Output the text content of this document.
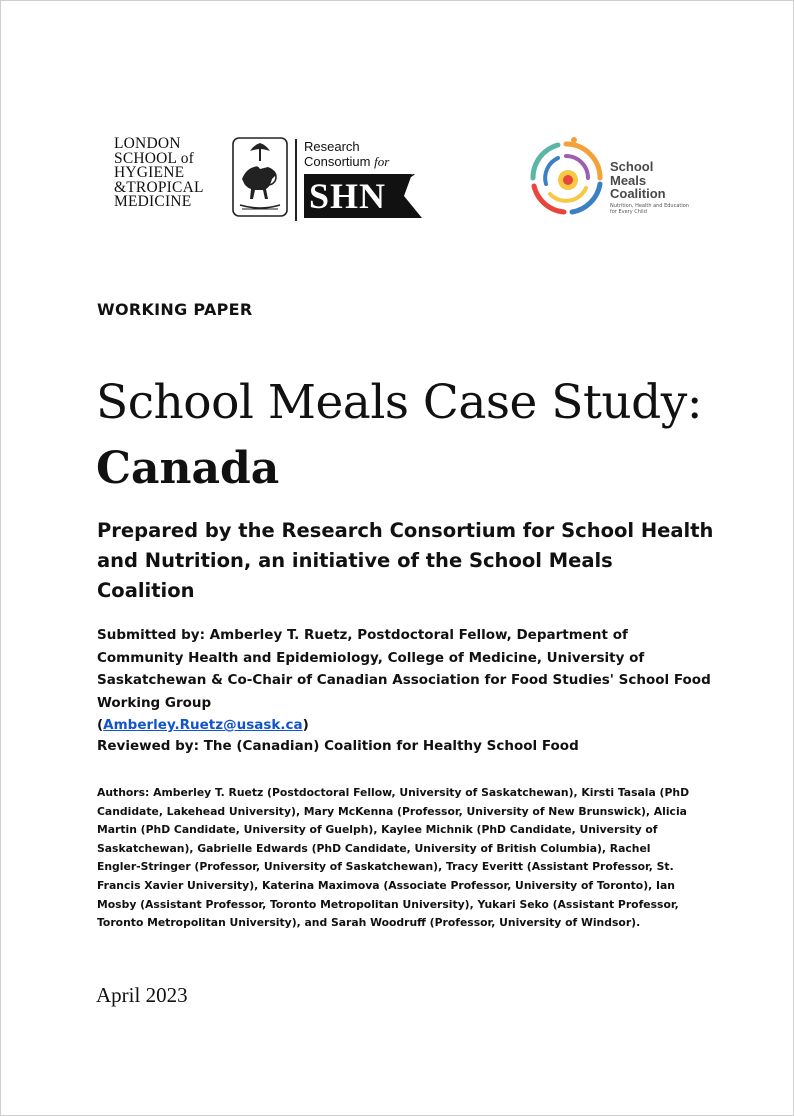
LONDON
SCHOOL of
HYGIENE
&TROPICAL
MEDICINE
Research
Consortium for
SHN
School
Meals
Coalition
Nutrition, Health and Education for Every Child
WORKING PAPER
School Meals Case Study:
Canada
Prepared by the Research Consortium for School Health and Nutrition, an initiative of the School Meals Coalition
Submitted by: Amberley T. Ruetz, Postdoctoral Fellow, Department of Community Health and Epidemiology, College of Medicine, University of Saskatchewan & Co-Chair of Canadian Association for Food Studies' School Food Working Group
(Amberley.Ruetz@usask.ca)
Reviewed by: The (Canadian) Coalition for Healthy School Food
Authors: Amberley T. Ruetz (Postdoctoral Fellow, University of Saskatchewan), Kirsti Tasala (PhD Candidate, Lakehead University), Mary McKenna (Professor, University of New Brunswick), Alicia Martin (PhD Candidate, University of Guelph), Kaylee Michnik (PhD Candidate, University of Saskatchewan), Gabrielle Edwards (PhD Candidate, University of British Columbia), Rachel Engler-Stringer (Professor, University of Saskatchewan), Tracy Everitt (Assistant Professor, St. Francis Xavier University), Katerina Maximova (Associate Professor, University of Toronto), Ian Mosby (Assistant Professor, Toronto Metropolitan University), Yukari Seko (Assistant Professor, Toronto Metropolitan University), and Sarah Woodruff (Professor, University of Windsor).
April 2023
